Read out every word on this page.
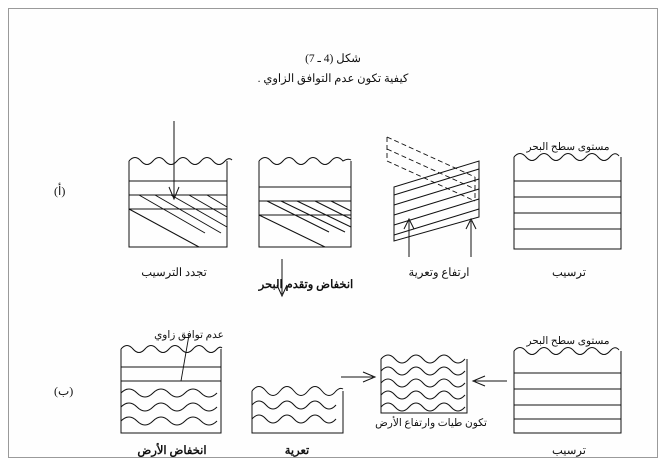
شكل (4 ـ 7)
كيفية تكون عدم التوافق الزاوي .
(أ)
(ب)
مستوى سطح البحر
تجدد الترسيب
انخفاض وتقدم البحر
ارتفاع وتعرية	ترسيب
عدم توافق زاوي
مستوى سطح البحر
انخفاض الأرض	تعرية
تكون طيات وارتفاع الأرض
ترسيب
